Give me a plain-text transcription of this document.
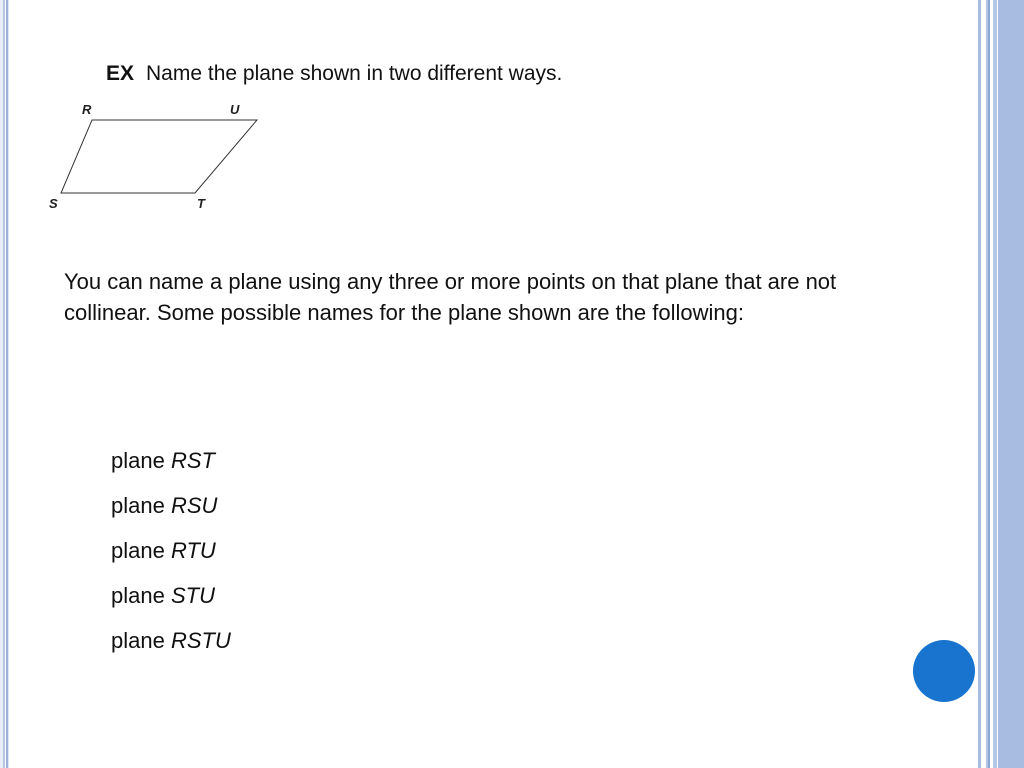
EX Name the plane shown in two different ways.
R	U
S	T
You can name a plane using any three or more points on that plane that are not collinear. Some possible names for the plane shown are the following:
plane RST
plane RSU
plane RTU
plane STU
plane RSTU
